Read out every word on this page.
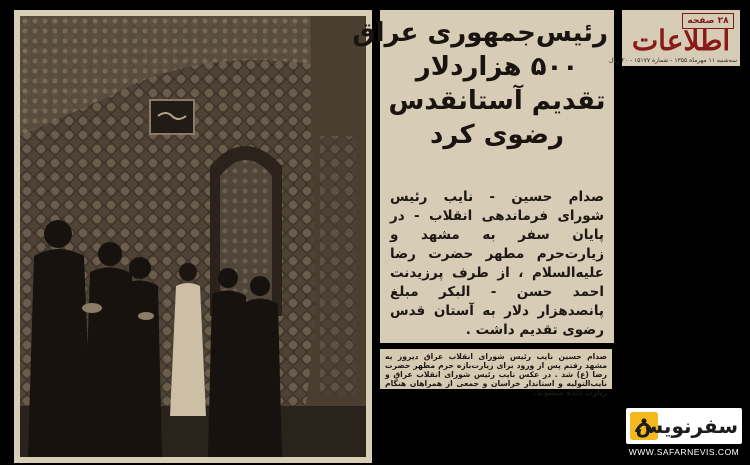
رئیس‌جمهوری عراق
۵۰۰ هزاردلار
تقدیم آستانقدس
رضوی کرد
صدام حسین - نایب رئیس شورای فرماندهی انقلاب - در پایان سفر به مشهد و زیارت‌حرم مطهر حضرت رضا علیه‌السلام ، از طرف پرزیدنت احمد حسن - البکر مبلغ پانصدهزار دلار به آستان قدس رضوی تقدیم داشت .
۲۸ صفحه
اطلاعات
سه‌شنبه ۱۱ مهرماه ۱۳۵۵ - شماره ۱۵۱۷۷ - ۲۰ ریال
صدام حسین نایب رئیس شورای انقلاب عراق دیروز به مشهد رفتم پس از ورود برای زیارت‌بازه حرم مطهر حضرت رضا (ع) شد . در عکس نایب رئیس شورای انقلاب عراق و نایب‌التولیه و استاندار خراسان و جمعی از همراهان هنگام زیارت دیده میشوند.
سفرنویس
WWW.SAFARNEVIS.COM
